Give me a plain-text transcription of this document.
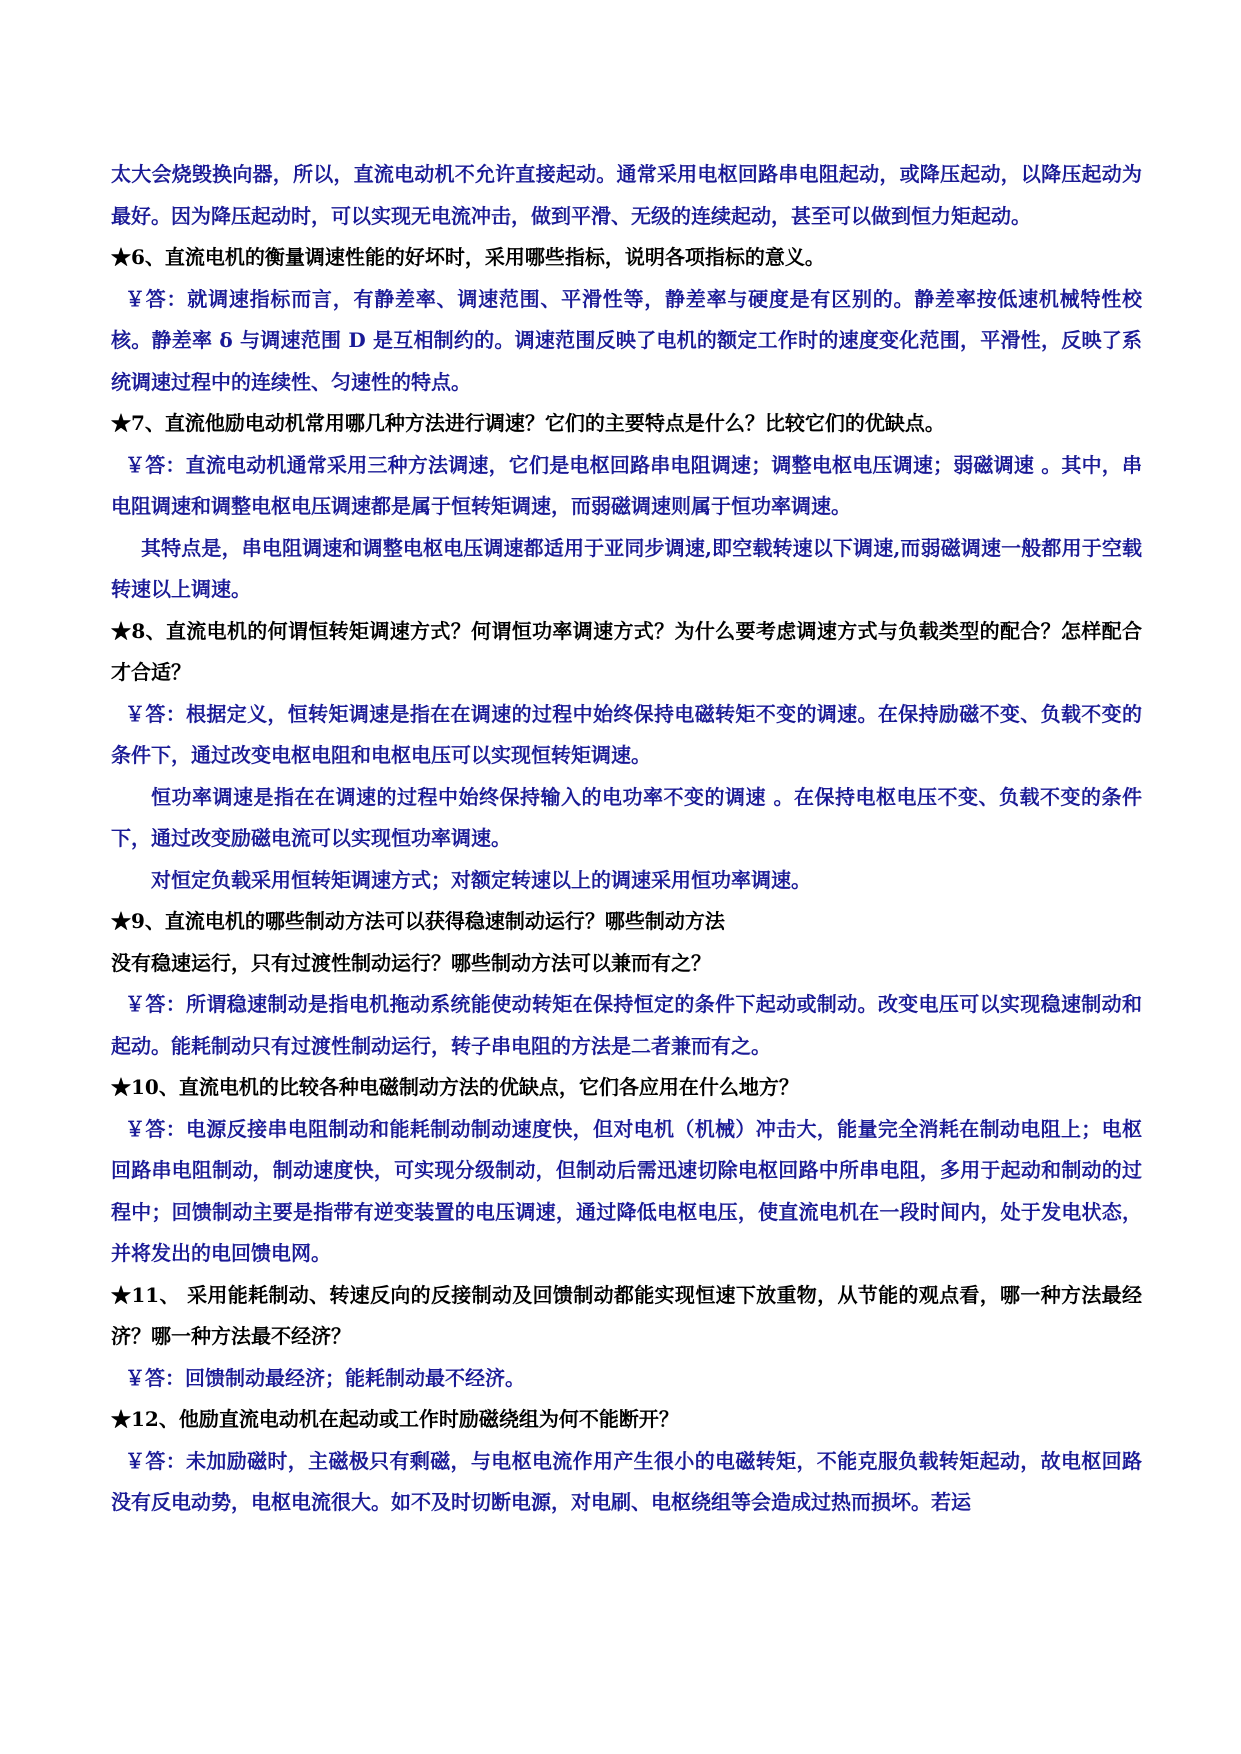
太大会烧毁换向器，所以，直流电动机不允许直接起动。通常采用电枢回路串电阻起动，或降压起动，以降压起动为最好。因为降压起动时，可以实现无电流冲击，做到平滑、无级的连续起动，甚至可以做到恒力矩起动。

★6、直流电机的衡量调速性能的好坏时，采用哪些指标，说明各项指标的意义。

￥答：就调速指标而言，有静差率、调速范围、平滑性等，静差率与硬度是有区别的。静差率按低速机械特性校核。静差率 δ 与调速范围 D 是互相制约的。调速范围反映了电机的额定工作时的速度变化范围，平滑性，反映了系统调速过程中的连续性、匀速性的特点。

★7、直流他励电动机常用哪几种方法进行调速？它们的主要特点是什么？比较它们的优缺点。

￥答：直流电动机通常采用三种方法调速，它们是电枢回路串电阻调速；调整电枢电压调速；弱磁调速 。其中，串电阻调速和调整电枢电压调速都是属于恒转矩调速，而弱磁调速则属于恒功率调速。

其特点是，串电阻调速和调整电枢电压调速都适用于亚同步调速,即空载转速以下调速,而弱磁调速一般都用于空载转速以上调速。

★8、直流电机的何谓恒转矩调速方式？何谓恒功率调速方式？为什么要考虑调速方式与负载类型的配合？怎样配合才合适？

￥答：根据定义，恒转矩调速是指在在调速的过程中始终保持电磁转矩不变的调速。在保持励磁不变、负载不变的条件下，通过改变电枢电阻和电枢电压可以实现恒转矩调速。

恒功率调速是指在在调速的过程中始终保持输入的电功率不变的调速 。在保持电枢电压不变、负载不变的条件下，通过改变励磁电流可以实现恒功率调速。

对恒定负载采用恒转矩调速方式；对额定转速以上的调速采用恒功率调速。

★9、直流电机的哪些制动方法可以获得稳速制动运行？哪些制动方法

没有稳速运行，只有过渡性制动运行？哪些制动方法可以兼而有之？

￥答：所谓稳速制动是指电机拖动系统能使动转矩在保持恒定的条件下起动或制动。改变电压可以实现稳速制动和起动。能耗制动只有过渡性制动运行，转子串电阻的方法是二者兼而有之。

★10、直流电机的比较各种电磁制动方法的优缺点，它们各应用在什么地方？

￥答：电源反接串电阻制动和能耗制动制动速度快，但对电机（机械）冲击大，能量完全消耗在制动电阻上；电枢回路串电阻制动，制动速度快，可实现分级制动，但制动后需迅速切除电枢回路中所串电阻，多用于起动和制动的过程中；回馈制动主要是指带有逆变装置的电压调速，通过降低电枢电压，使直流电机在一段时间内，处于发电状态，并将发出的电回馈电网。

★11、 采用能耗制动、转速反向的反接制动及回馈制动都能实现恒速下放重物，从节能的观点看，哪一种方法最经济？哪一种方法最不经济？

￥答：回馈制动最经济；能耗制动最不经济。

★12、他励直流电动机在起动或工作时励磁绕组为何不能断开？

￥答：未加励磁时，主磁极只有剩磁，与电枢电流作用产生很小的电磁转矩，不能克服负载转矩起动，故电枢回路没有反电动势，电枢电流很大。如不及时切断电源，对电刷、电枢绕组等会造成过热而损坏。若运
